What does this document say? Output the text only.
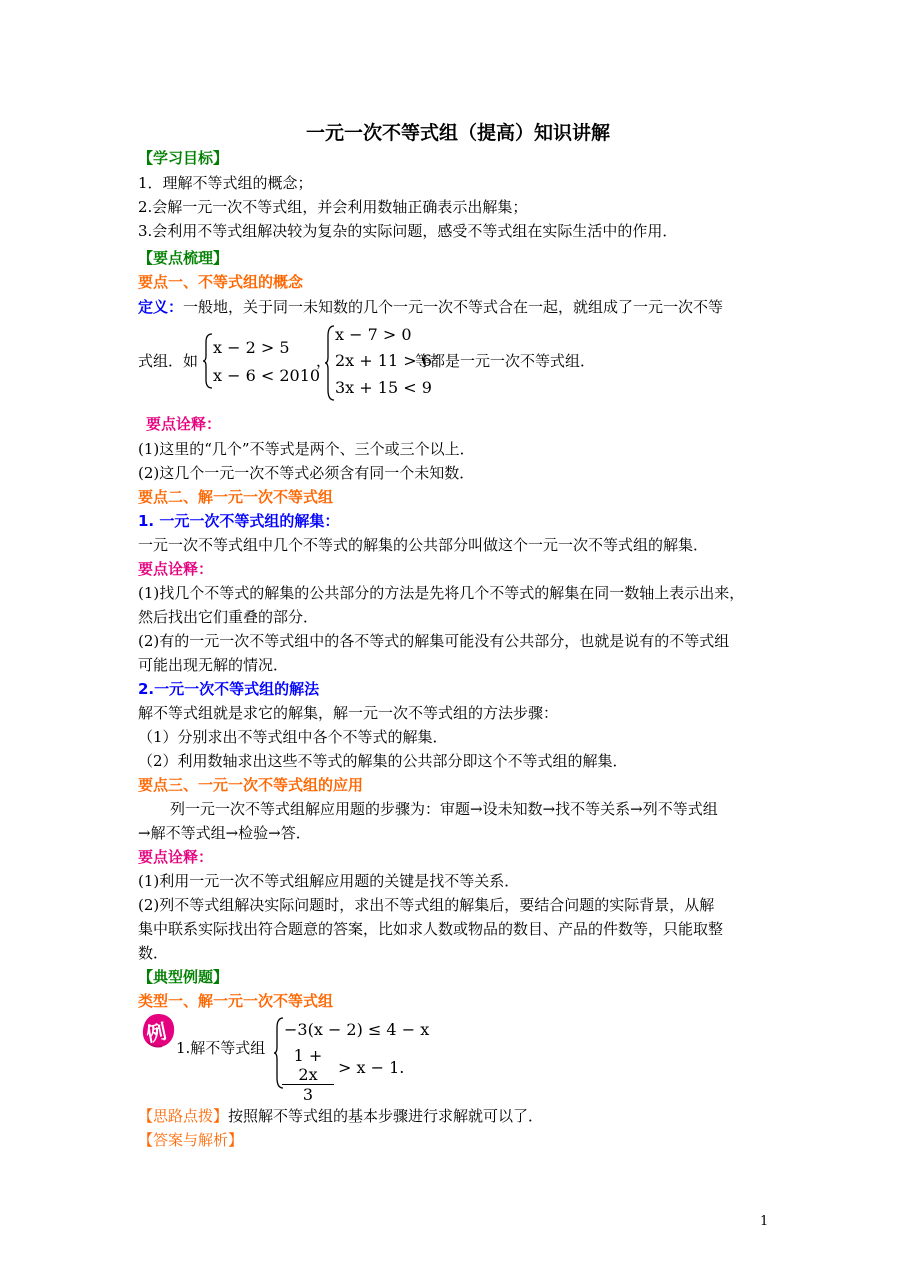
一元一次不等式组（提高）知识讲解
【学习目标】
1．理解不等式组的概念；
2.会解一元一次不等式组，并会利用数轴正确表示出解集；
3.会利用不等式组解决较为复杂的实际问题，感受不等式组在实际生活中的作用．
【要点梳理】
要点一、不等式组的概念
定义：一般地，关于同一未知数的几个一元一次不等式合在一起，就组成了一元一次不等
式组．如
x − 2 > 5
x − 6 < 2010
，
x − 7 > 0
2x + 11 > 6
3x + 15 < 9
等都是一元一次不等式组．
要点诠释：
(1)这里的“几个”不等式是两个、三个或三个以上．
(2)这几个一元一次不等式必须含有同一个未知数．
要点二、解一元一次不等式组
1. 一元一次不等式组的解集：
一元一次不等式组中几个不等式的解集的公共部分叫做这个一元一次不等式组的解集．
要点诠释：
(1)找几个不等式的解集的公共部分的方法是先将几个不等式的解集在同一数轴上表示出来，
然后找出它们重叠的部分．
(2)有的一元一次不等式组中的各不等式的解集可能没有公共部分，也就是说有的不等式组
可能出现无解的情况．
2.一元一次不等式组的解法
解不等式组就是求它的解集，解一元一次不等式组的方法步骤：
（1）分别求出不等式组中各个不等式的解集．
（2）利用数轴求出这些不等式的解集的公共部分即这个不等式组的解集．
要点三、一元一次不等式组的应用
列一元一次不等式组解应用题的步骤为：审题→设未知数→找不等关系→列不等式组
→解不等式组→检验→答．
要点诠释：
(1)利用一元一次不等式组解应用题的关键是找不等关系．
(2)列不等式组解决实际问题时，求出不等式组的解集后，要结合问题的实际背景，从解
集中联系实际找出符合题意的答案，比如求人数或物品的数目、产品的件数等，只能取整
数．
【典型例题】
类型一、解一元一次不等式组
1.解不等式组
−3(x − 2) ≤ 4 − x
$\frac{1 + 2x}{3} > x - 1$.
【思路点拨】按照解不等式组的基本步骤进行求解就可以了．
【答案与解析】
例
1
